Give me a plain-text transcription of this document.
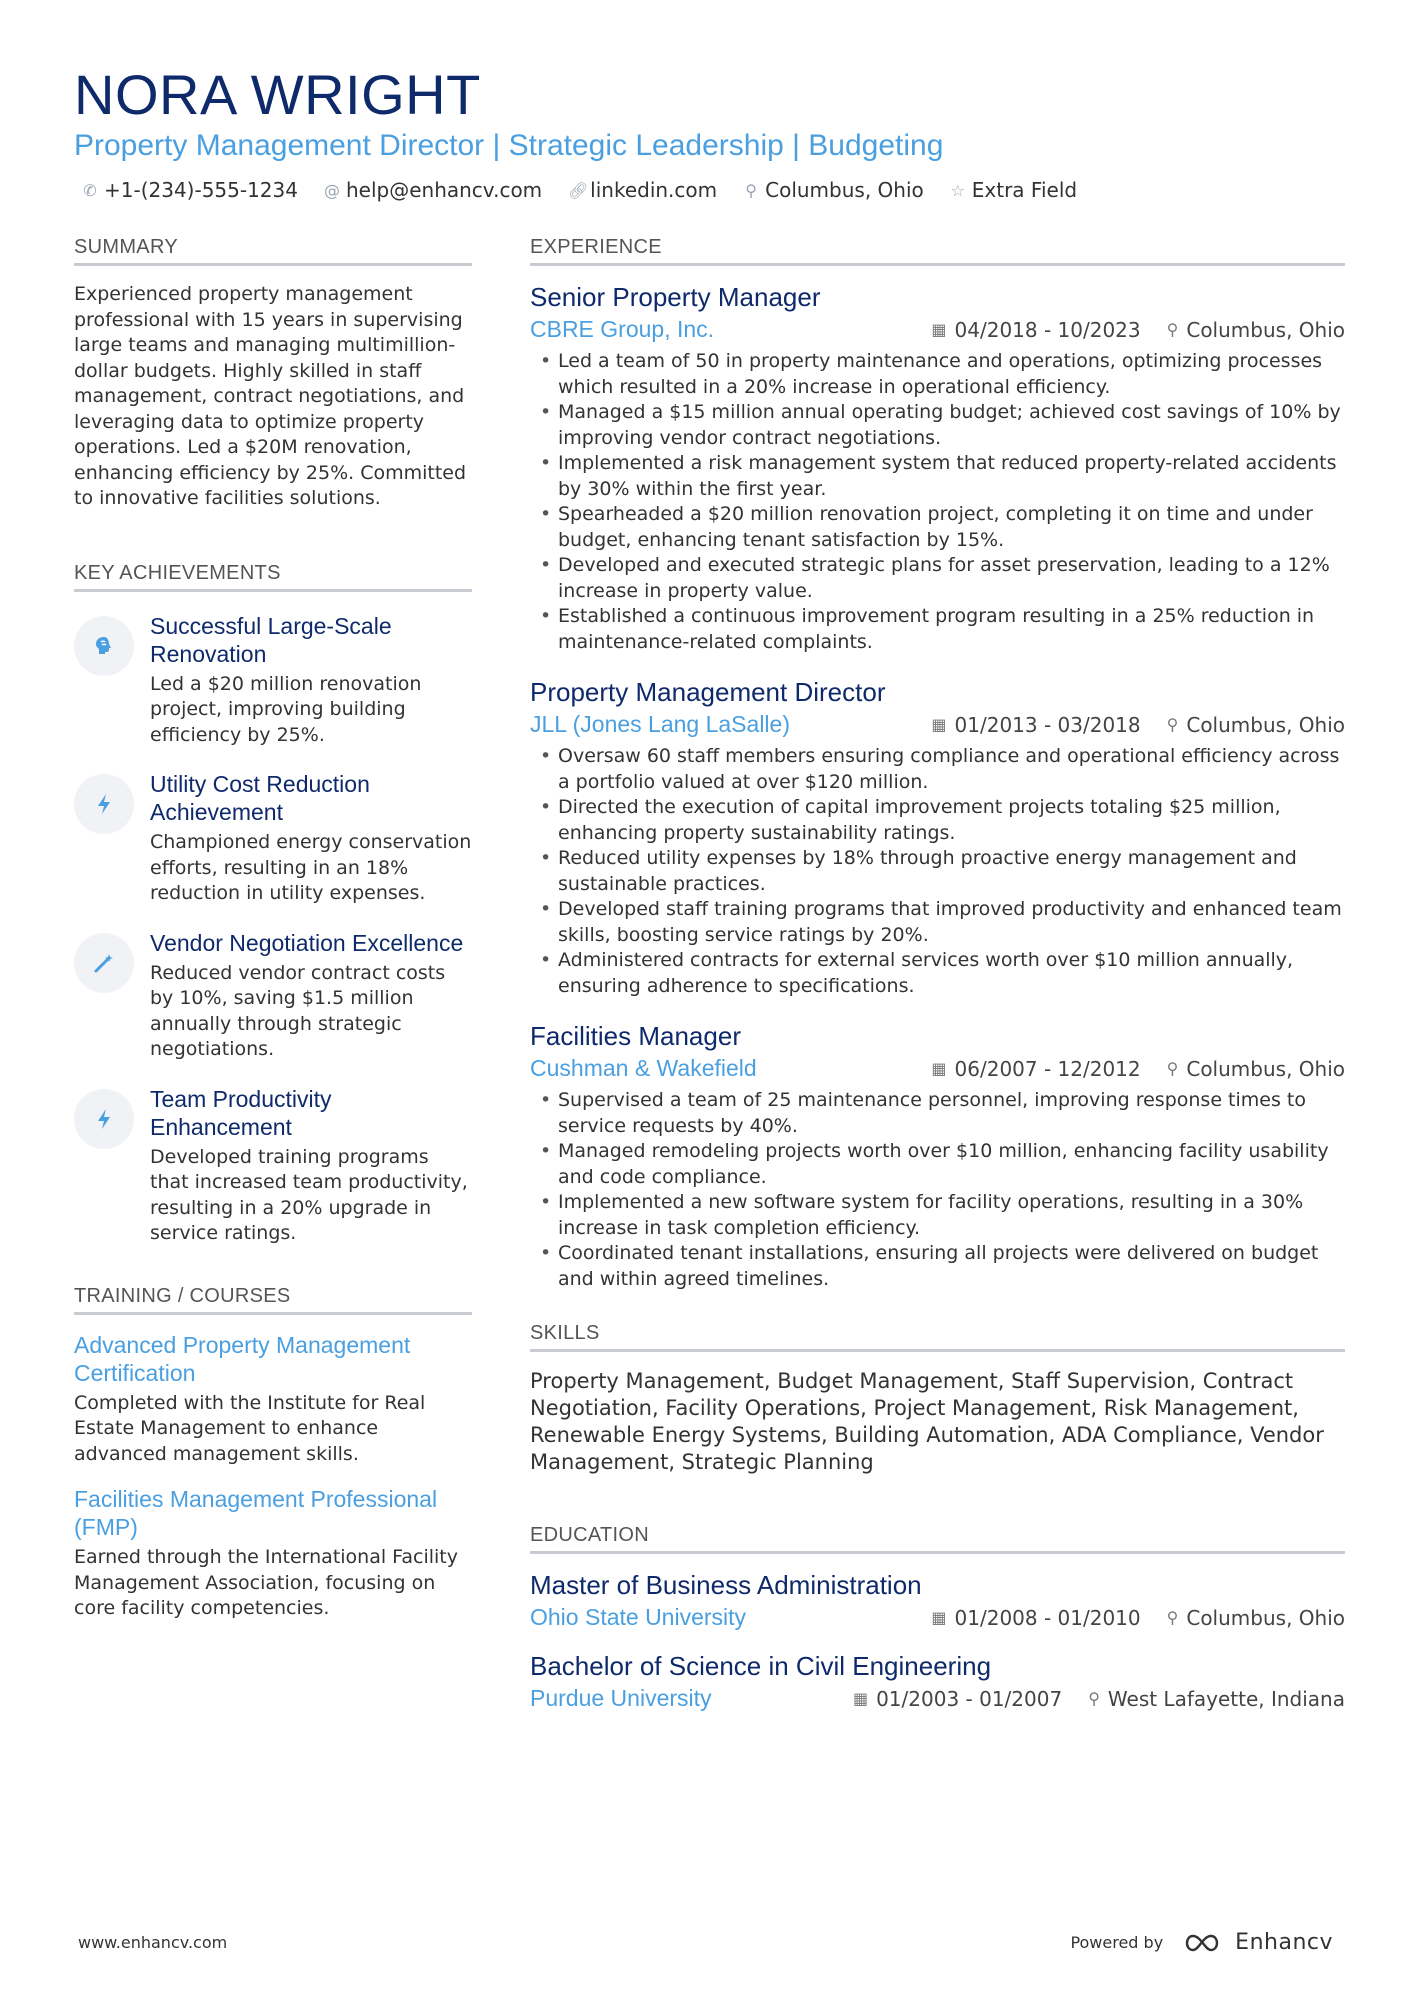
NORA WRIGHT
Property Management Director | Strategic Leadership | Budgeting
✆ +1-(234)-555-1234 @ help@enhancv.com 🔗︎ linkedin.com ⚲ Columbus, Ohio ☆ Extra Field
SUMMARY
Experienced property management professional with 15 years in supervising large teams and managing multimillion-dollar budgets. Highly skilled in staff management, contract negotiations, and leveraging data to optimize property operations. Led a $20M renovation, enhancing efficiency by 25%. Committed to innovative facilities solutions.
KEY ACHIEVEMENTS
Successful Large-Scale Renovation
Led a $20 million renovation project, improving building efficiency by 25%.
Utility Cost Reduction Achievement
Championed energy conservation efforts, resulting in an 18% reduction in utility expenses.
Vendor Negotiation Excellence
Reduced vendor contract costs by 10%, saving $1.5 million annually through strategic negotiations.
Team Productivity Enhancement
Developed training programs that increased team productivity, resulting in a 20% upgrade in service ratings.
TRAINING / COURSES
Advanced Property Management Certification
Completed with the Institute for Real Estate Management to enhance advanced management skills.
Facilities Management Professional (FMP)
Earned through the International Facility Management Association, focusing on core facility competencies.
EXPERIENCE
Senior Property Manager
CBRE Group, Inc.	▦ 04/2018 - 10/2023 ⚲ Columbus, Ohio
• Led a team of 50 in property maintenance and operations, optimizing processes which resulted in a 20% increase in operational efficiency.
• Managed a $15 million annual operating budget; achieved cost savings of 10% by improving vendor contract negotiations.
• Implemented a risk management system that reduced property-related accidents by 30% within the first year.
• Spearheaded a $20 million renovation project, completing it on time and under budget, enhancing tenant satisfaction by 15%.
• Developed and executed strategic plans for asset preservation, leading to a 12% increase in property value.
• Established a continuous improvement program resulting in a 25% reduction in maintenance-related complaints.
Property Management Director
JLL (Jones Lang LaSalle)	▦ 01/2013 - 03/2018 ⚲ Columbus, Ohio
• Oversaw 60 staff members ensuring compliance and operational efficiency across a portfolio valued at over $120 million.
• Directed the execution of capital improvement projects totaling $25 million, enhancing property sustainability ratings.
• Reduced utility expenses by 18% through proactive energy management and sustainable practices.
• Developed staff training programs that improved productivity and enhanced team skills, boosting service ratings by 20%.
• Administered contracts for external services worth over $10 million annually, ensuring adherence to specifications.
Facilities Manager
Cushman & Wakefield	▦ 06/2007 - 12/2012 ⚲ Columbus, Ohio
• Supervised a team of 25 maintenance personnel, improving response times to service requests by 40%.
• Managed remodeling projects worth over $10 million, enhancing facility usability and code compliance.
• Implemented a new software system for facility operations, resulting in a 30% increase in task completion efficiency.
• Coordinated tenant installations, ensuring all projects were delivered on budget and within agreed timelines.
SKILLS
Property Management, Budget Management, Staff Supervision, Contract Negotiation, Facility Operations, Project Management, Risk Management, Renewable Energy Systems, Building Automation, ADA Compliance, Vendor Management, Strategic Planning
EDUCATION
Master of Business Administration
Ohio State University	▦ 01/2008 - 01/2010 ⚲ Columbus, Ohio
Bachelor of Science in Civil Engineering
Purdue University	▦ 01/2003 - 01/2007 ⚲ West Lafayette, Indiana
www.enhancv.com	Powered by	Enhancv
